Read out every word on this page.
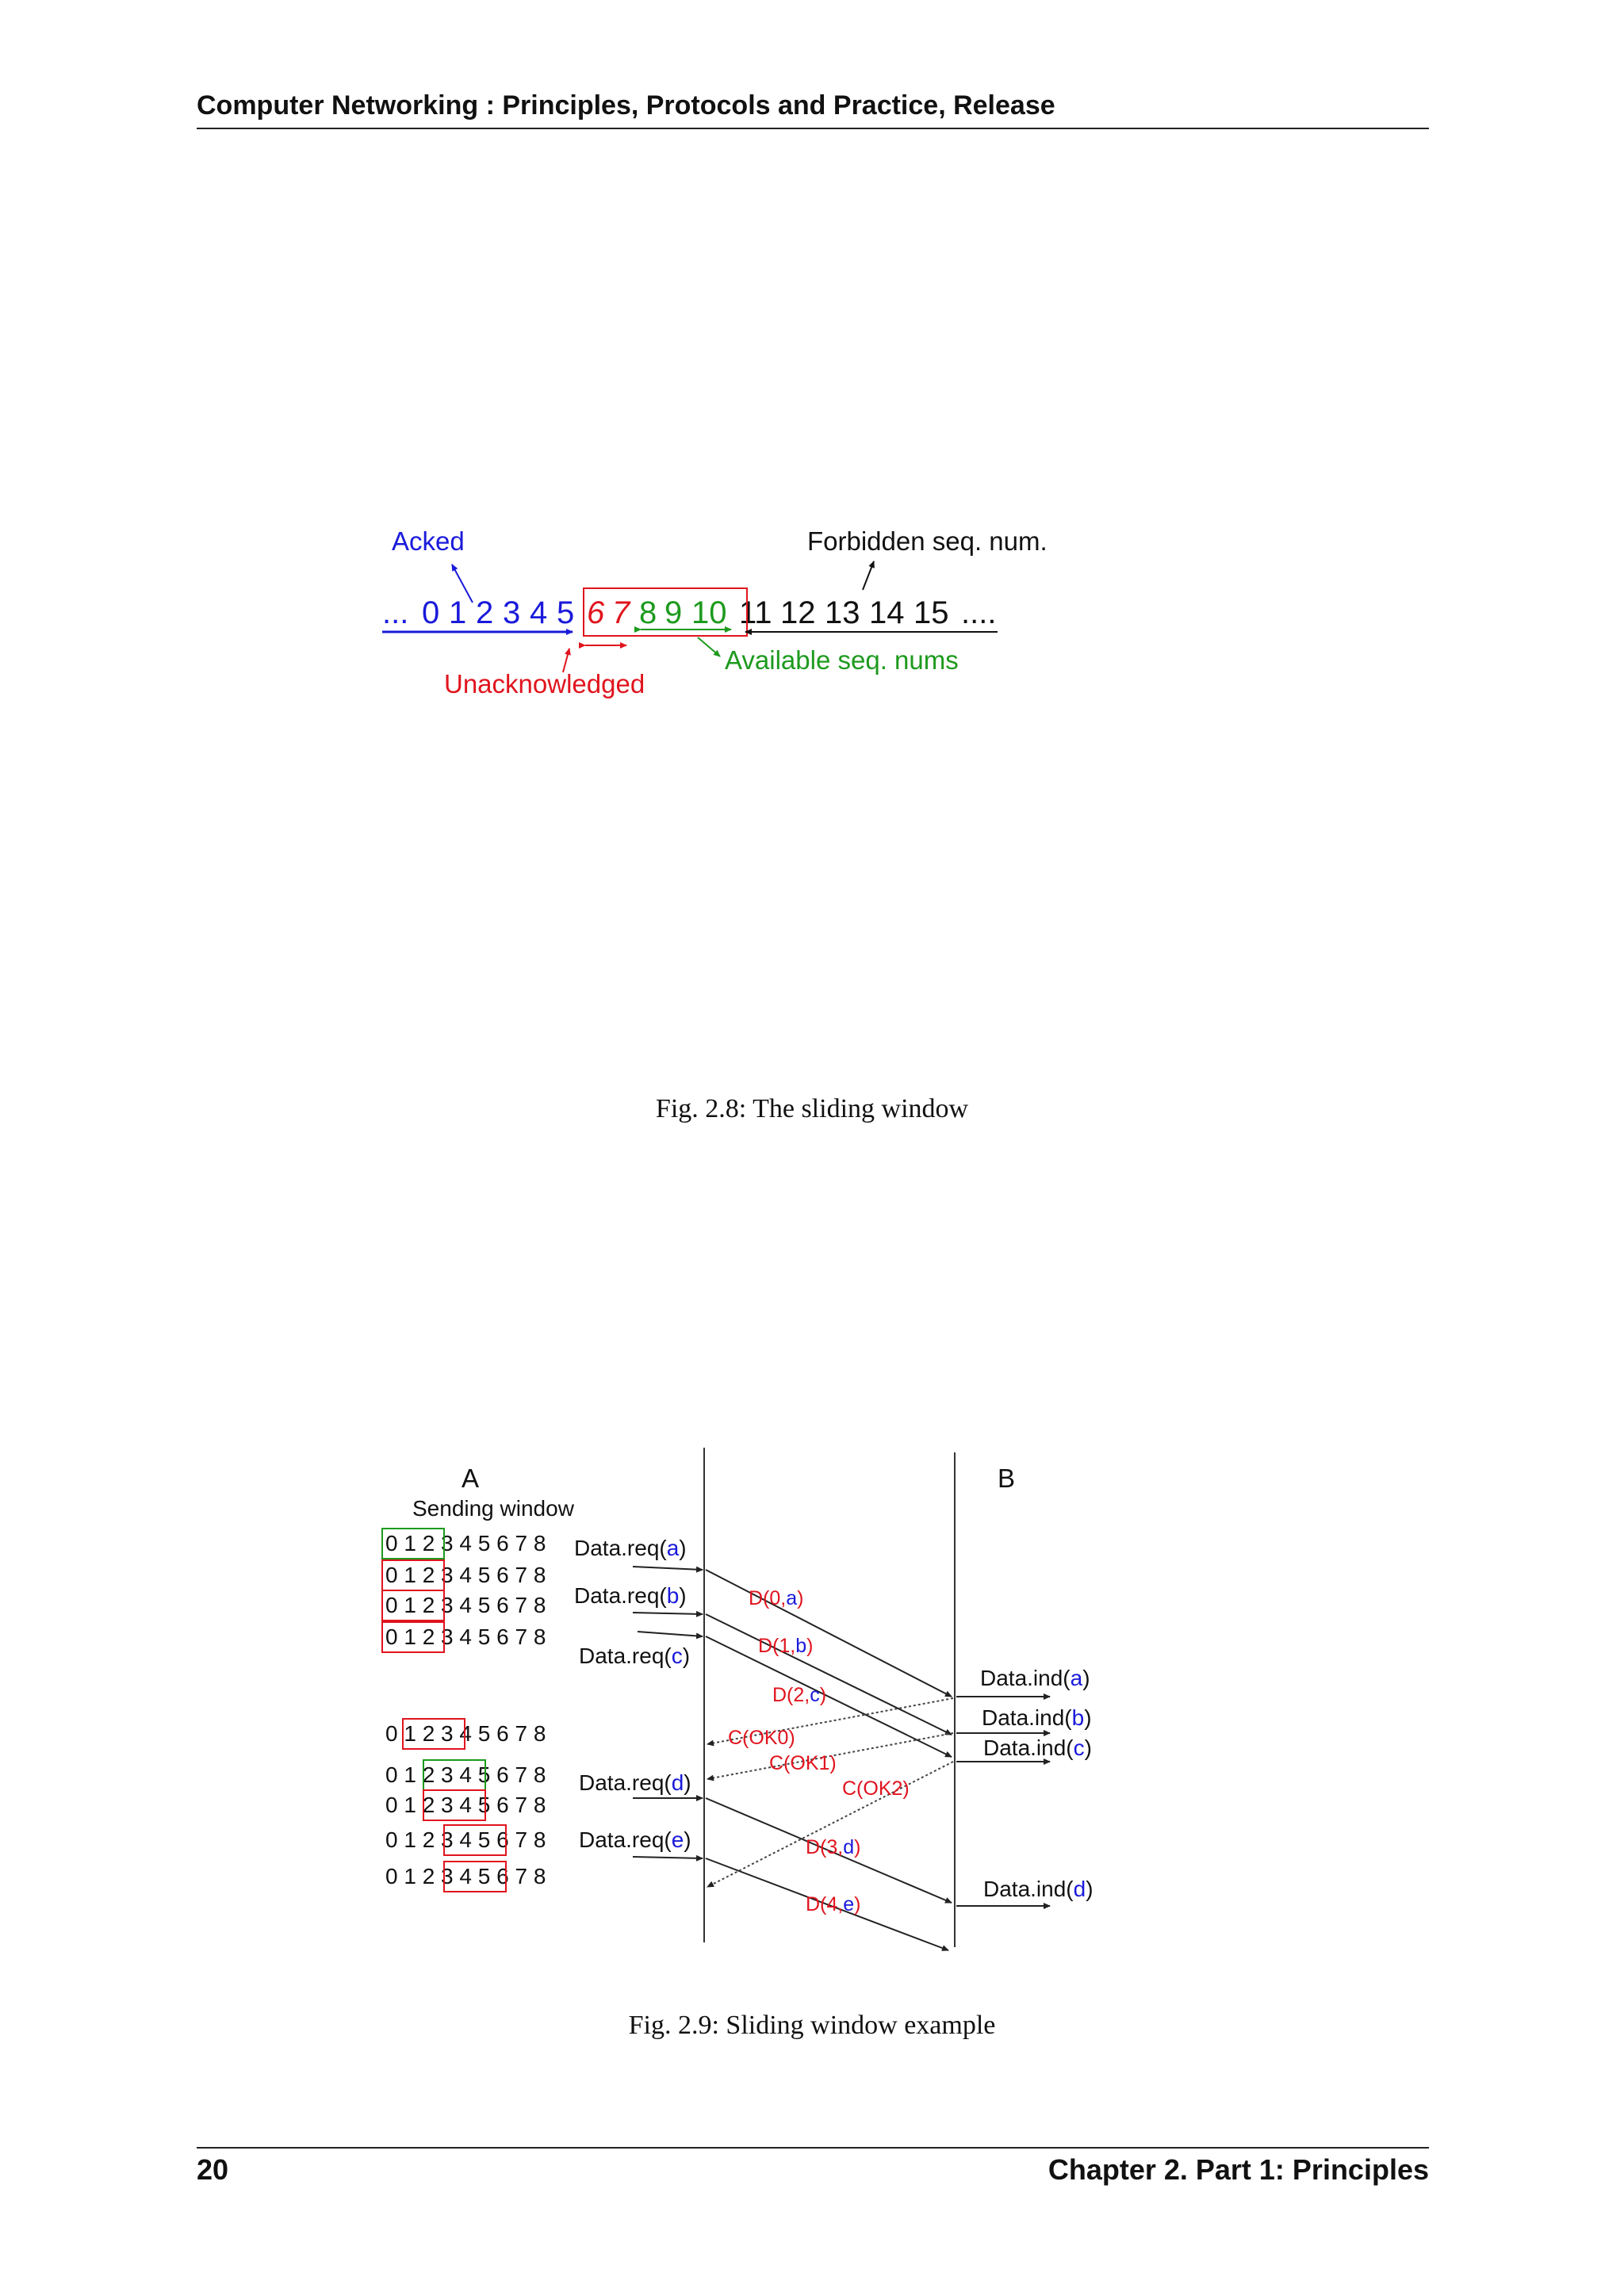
Computer Networking : Principles, Protocols and Practice, Release
Acked	Forbidden seq. num.
... 0 1 2 3 4 5 6 7 8 9 10 11 12 13 14 15 ....
Unacknowledged
Available seq. nums
Fig. 2.8: The sliding window
A	B
Sending window
0 1 2 3 4 5 6 7 8
0 1 2 3 4 5 6 7 8
0 1 2 3 4 5 6 7 8
0 1 2 3 4 5 6 7 8
0 1 2 3 4 5 6 7 8
0 1 2 3 4 5 6 7 8
0 1 2 3 4 5 6 7 8
0 1 2 3 4 5 6 7 8
0 1 2 3 4 5 6 7 8
Data.req(a)
Data.req(b)
Data.req(c)
Data.req(d)
Data.req(e)
D(0,a)
D(1,b)
D(2,c)
D(3,d)
D(4,e)
C(OK0)
C(OK1)
C(OK2)
Data.ind(a)
Data.ind(b)
Data.ind(c)
Data.ind(d)
Fig. 2.9: Sliding window example
20	Chapter 2. Part 1: Principles
